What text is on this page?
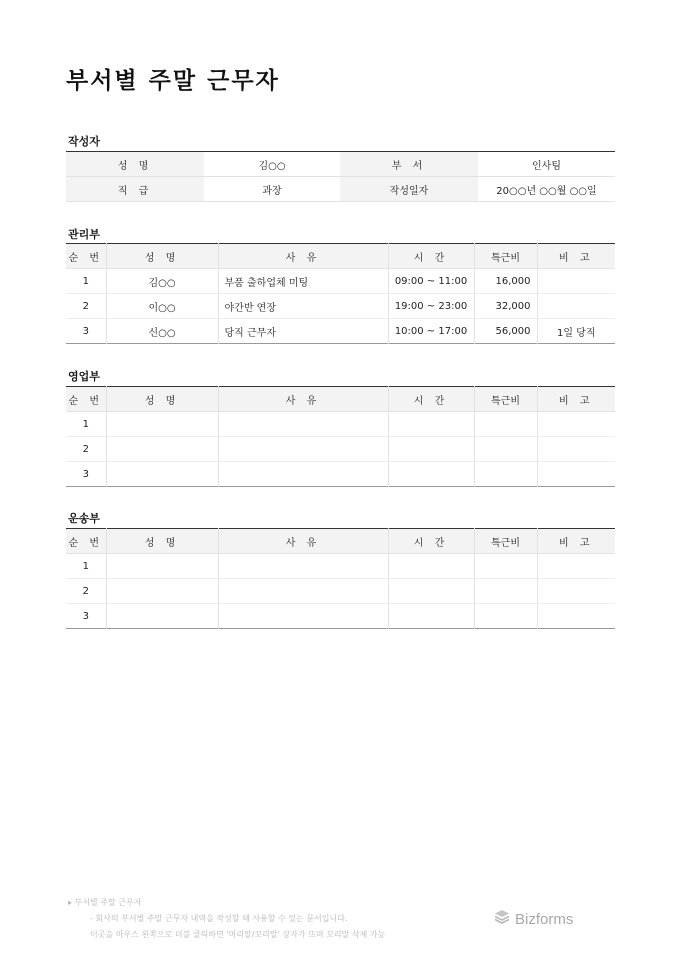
부서별 주말 근무자
작성자
성 명	김○○	부 서	인사팀
직 급	과장	작성일자	20○○년 ○○월 ○○일
관리부
순 번	성 명	사 유	시 간	특근비	비 고
1	김○○	부품 출하업체 미팅	09:00 ~ 11:00	16,000	
2	이○○	야간반 연장	19:00 ~ 23:00	32,000	
3	신○○	당직 근무자	10:00 ~ 17:00	56,000	1일 당직
영업부
순 번	성 명	사 유	시 간	특근비	비 고
1					
2					
3					
운송부
순 번	성 명	사 유	시 간	특근비	비 고
1					
2					
3					
▸ 부서별 주말 근무자
- 회사의 부서별 주말 근무자 내역을 작성할 때 사용할 수 있는 문서입니다.
이곳을 마우스 왼쪽으로 더블 클릭하면 '머리말/꼬리말' 상자가 뜨며 꼬리말 삭제 가능
Bizforms
